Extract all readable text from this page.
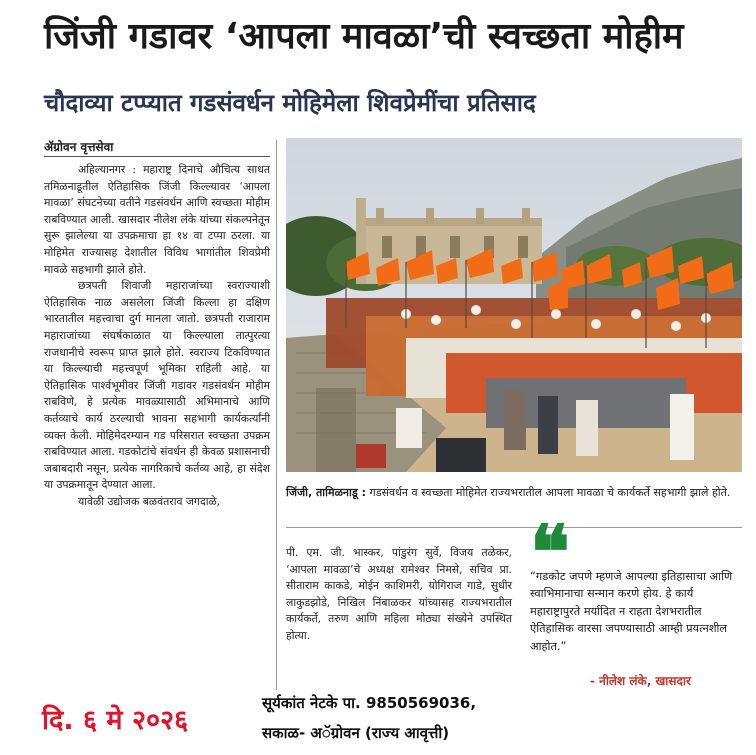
जिंजी गडावर ‘आपला मावळा’ची स्वच्छता मोहीम
चौदाव्या टप्प्यात गडसंवर्धन मोहिमेला शिवप्रेमींचा प्रतिसाद
ॲग्रोवन वृत्तसेवा

अहिल्यानगर : महाराष्ट्र दिनाचे औचित्य साधत तमिळनाडूतील ऐतिहासिक जिंजी किल्ल्यावर ‘आपला मावळा’ संघटनेच्या वतीने गडसंवर्धन आणि स्वच्छता मोहीम राबविण्यात आली. खासदार नीलेश लंके यांच्या संकल्पनेतून सुरू झालेल्या या उपक्रमाचा हा १४ वा टप्पा ठरला. या मोहिमेत राज्यासह देशातील विविध भागांतील शिवप्रेमी मावळे सहभागी झाले होते.

छत्रपती शिवाजी महाराजांच्या स्वराज्याशी ऐतिहासिक नाळ असलेला जिंजी किल्ला हा दक्षिण भारतातील महत्त्वाचा दुर्ग मानला जातो. छत्रपती राजाराम महाराजांच्या संघर्षकाळात या किल्ल्याला तात्पुरत्या राजधानीचे स्वरूप प्राप्त झाले होते. स्वराज्य टिकविण्यात या किल्ल्याची महत्त्वपूर्ण भूमिका राहिली आहे. या ऐतिहासिक पार्श्वभूमीवर जिंजी गडावर गडसंवर्धन मोहीम राबविणे, हे प्रत्येक मावळ्यासाठी अभिमानाचे आणि कर्तव्याचे कार्य ठरल्याची भावना सहभागी कार्यकर्त्यांनी व्यक्त केली. मोहिमेदरम्यान गड परिसरात स्वच्छता उपक्रम राबविण्यात आला. गडकोटांचे संवर्धन ही केवळ प्रशासनाची जबाबदारी नसून, प्रत्येक नागरिकाचे कर्तव्य आहे, हा संदेश या उपक्रमातून देण्यात आला.

यावेळी उद्योजक बळवंतराव जगदाळे,

जिंजी, तामिळनाडू : गडसंवर्धन व स्वच्छता मोहिमेत राज्यभरातील आपला मावळा चे कार्यकर्ते सहभागी झाले होते.

पी. एम. जी. भास्कर, पांडुरंग सुर्वे, विजय तळेकर, ‘आपला मावळा’चे अध्यक्ष रामेश्वर निमसे, सचिव प्रा. सीताराम काकडे, मोईन काशिमरी, योगिराज गाडे, सुधीर लाकुडझोडे, निखिल निंबाळकर यांच्यासह राज्यभरातील कार्यकर्ते, तरुण आणि महिला मोठ्या संख्येने उपस्थित होत्या.

❝
“गडकोट जपणे म्हणजे आपल्या इतिहासाचा आणि स्वाभिमानाचा सन्मान करणे होय. हे कार्य महाराष्ट्रापुरते मर्यादित न राहता देशभरातील ऐतिहासिक वारसा जपण्यासाठी आम्ही प्रयत्नशील आहोत.”
- नीलेश लंके, खासदार
दि. ६ मे २०२६
सूर्यकांत नेटके पा. 9850569036,
सकाळ- अॅग्रोवन (राज्य आवृत्ती)
